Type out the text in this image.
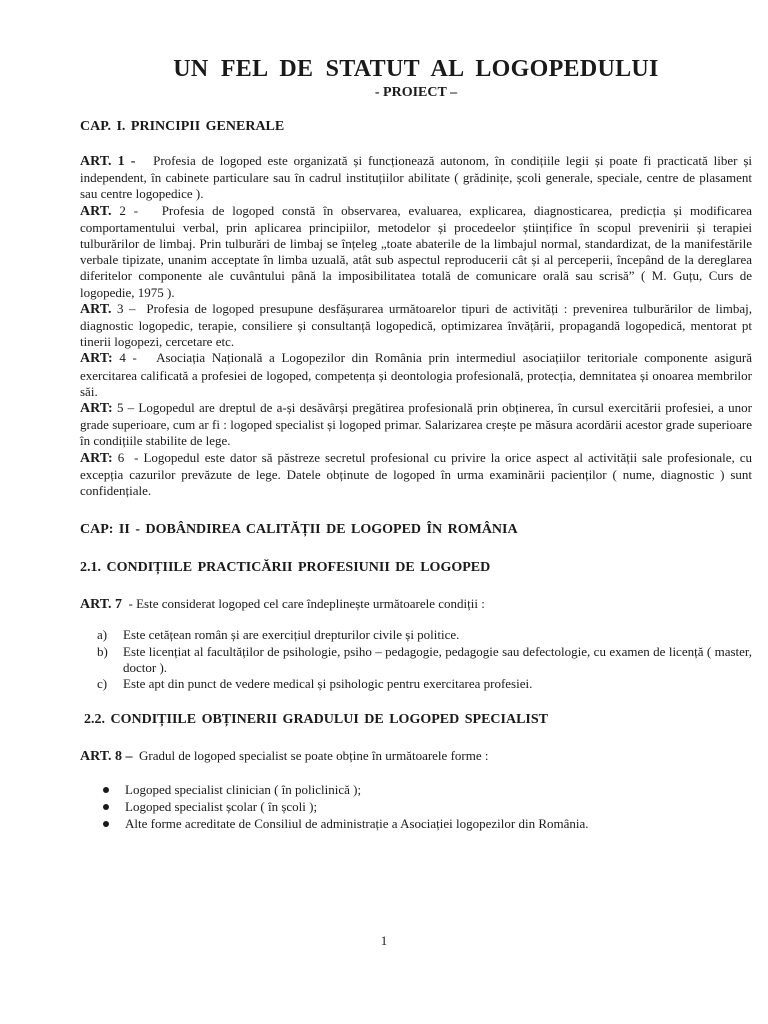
UN FEL DE STATUT AL LOGOPEDULUI
- PROIECT –
CAP. I. PRINCIPII GENERALE

ART. 1 - Profesia de logoped este organizată și funcționează autonom, în condițiile legii și poate fi practicată liber și independent, în cabinete particulare sau în cadrul instituțiilor abilitate ( grădinițe, școli generale, speciale, centre de plasament sau centre logopedice ).

ART. 2 - Profesia de logoped constă în observarea, evaluarea, explicarea, diagnosticarea, predicția și modificarea comportamentului verbal, prin aplicarea principiilor, metodelor și procedeelor științifice în scopul prevenirii și terapiei tulburărilor de limbaj. Prin tulburări de limbaj se înțeleg „toate abaterile de la limbajul normal, standardizat, de la manifestările verbale tipizate, unanim acceptate în limba uzuală, atât sub aspectul reproducerii cât și al perceperii, începând de la dereglarea diferitelor componente ale cuvântului până la imposibilitatea totală de comunicare orală sau scrisă” ( M. Guțu, Curs de logopedie, 1975 ).

ART. 3 – Profesia de logoped presupune desfășurarea următoarelor tipuri de activități : prevenirea tulburărilor de limbaj, diagnostic logopedic, terapie, consiliere și consultanță logopedică, optimizarea învățării, propagandă logopedică, mentorat pt tinerii logopezi, cercetare etc.

ART: 4 - Asociația Națională a Logopezilor din România prin intermediul asociațiilor teritoriale componente asigură exercitarea calificată a profesiei de logoped, competența și deontologia profesională, protecția, demnitatea și onoarea membrilor săi.

ART: 5 – Logopedul are dreptul de a-și desăvârși pregătirea profesională prin obținerea, în cursul exercitării profesiei, a unor grade superioare, cum ar fi : logoped specialist și logoped primar. Salarizarea crește pe măsura acordării acestor grade superioare în condițiile stabilite de lege.

ART: 6 - Logopedul este dator să păstreze secretul profesional cu privire la orice aspect al activității sale profesionale, cu excepția cazurilor prevăzute de lege. Datele obținute de logoped în urma examinării pacienților ( nume, diagnostic ) sunt confidențiale.

CAP: II - DOBÂNDIREA CALITĂȚII DE LOGOPED ÎN ROMÂNIA
2.1. CONDIȚIILE PRACTICĂRII PROFESIUNII DE LOGOPED

ART. 7 - Este considerat logoped cel care îndeplinește următoarele condiții :

a) Este cetățean român și are exercițiul drepturilor civile și politice.
b) Este licențiat al facultăților de psihologie, psiho – pedagogie, pedagogie sau defectologie, cu examen de licență ( master, doctor ).
c) Este apt din punct de vedere medical și psihologic pentru exercitarea profesiei.
2.2. CONDIȚIILE OBȚINERII GRADULUI DE LOGOPED SPECIALIST

ART. 8 – Gradul de logoped specialist se poate obține în următoarele forme :

Logoped specialist clinician ( în policlinică );
Logoped specialist școlar ( în școli );
Alte forme acreditate de Consiliul de administrație a Asociației logopezilor din România.
1
